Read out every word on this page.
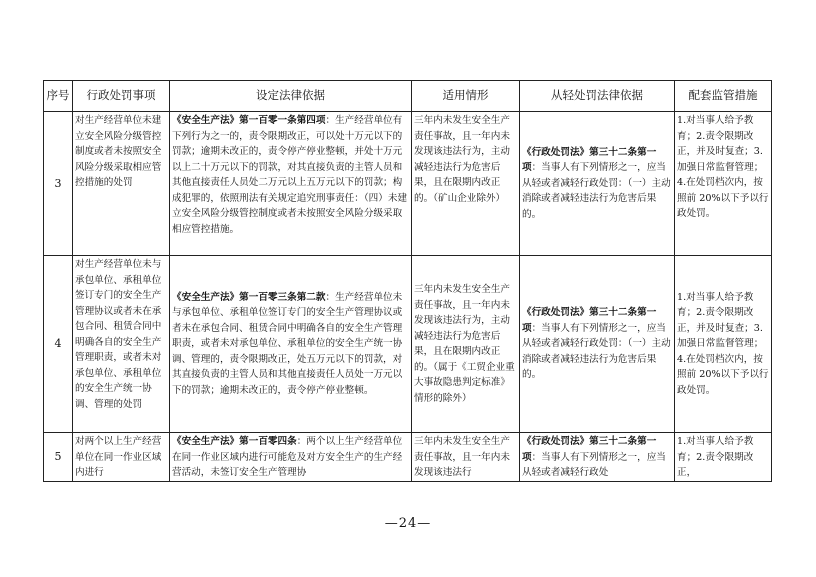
序号	行政处罚事项	设定法律依据	适用情形	从轻处罚法律依据	配套监管措施
3	对生产经营单位未建立安全风险分级管控制度或者未按照安全风险分级采取相应管控措施的处罚	《安全生产法》第一百零一条第四项：生产经营单位有下列行为之一的，责令限期改正，可以处十万元以下的罚款；逾期未改正的，责令停产停业整顿，并处十万元以上二十万元以下的罚款，对其直接负责的主管人员和其他直接责任人员处二万元以上五万元以下的罚款；构成犯罪的，依照刑法有关规定追究刑事责任：（四）未建立安全风险分级管控制度或者未按照安全风险分级采取相应管控措施。	三年内未发生安全生产责任事故，且一年内未发现该违法行为，主动减轻违法行为危害后果，且在限期内改正的。（矿山企业除外）	《行政处罚法》第三十二条第一项：当事人有下列情形之一，应当从轻或者减轻行政处罚：（一）主动消除或者减轻违法行为危害后果的。	1.对当事人给予教育；2.责令限期改正，并及时复查；3.加强日常监督管理；4.在处罚档次内，按照前 20%以下予以行政处罚。
4	对生产经营单位未与承包单位、承租单位签订专门的安全生产管理协议或者未在承包合同、租赁合同中明确各自的安全生产管理职责，或者未对承包单位、承租单位的安全生产统一协调、管理的处罚	《安全生产法》第一百零三条第二款：生产经营单位未与承包单位、承租单位签订专门的安全生产管理协议或者未在承包合同、租赁合同中明确各自的安全生产管理职责，或者未对承包单位、承租单位的安全生产统一协调、管理的，责令限期改正，处五万元以下的罚款，对其直接负责的主管人员和其他直接责任人员处一万元以下的罚款；逾期未改正的，责令停产停业整顿。	三年内未发生安全生产责任事故，且一年内未发现该违法行为，主动减轻违法行为危害后果，且在限期内改正的。（属于《工贸企业重大事故隐患判定标准》情形的除外）	《行政处罚法》第三十二条第一项：当事人有下列情形之一，应当从轻或者减轻行政处罚：（一）主动消除或者减轻违法行为危害后果的。	1.对当事人给予教育；2.责令限期改正，并及时复查；3.加强日常监督管理；4.在处罚档次内，按照前 20%以下予以行政处罚。
5	对两个以上生产经营单位在同一作业区域内进行	《安全生产法》第一百零四条：两个以上生产经营单位在同一作业区域内进行可能危及对方安全生产的生产经营活动，未签订安全生产管理协	三年内未发生安全生产责任事故，且一年内未发现该违法行	《行政处罚法》第三十二条第一项：当事人有下列情形之一，应当从轻或者减轻行政处	1.对当事人给予教育；2.责令限期改正，
—24—
